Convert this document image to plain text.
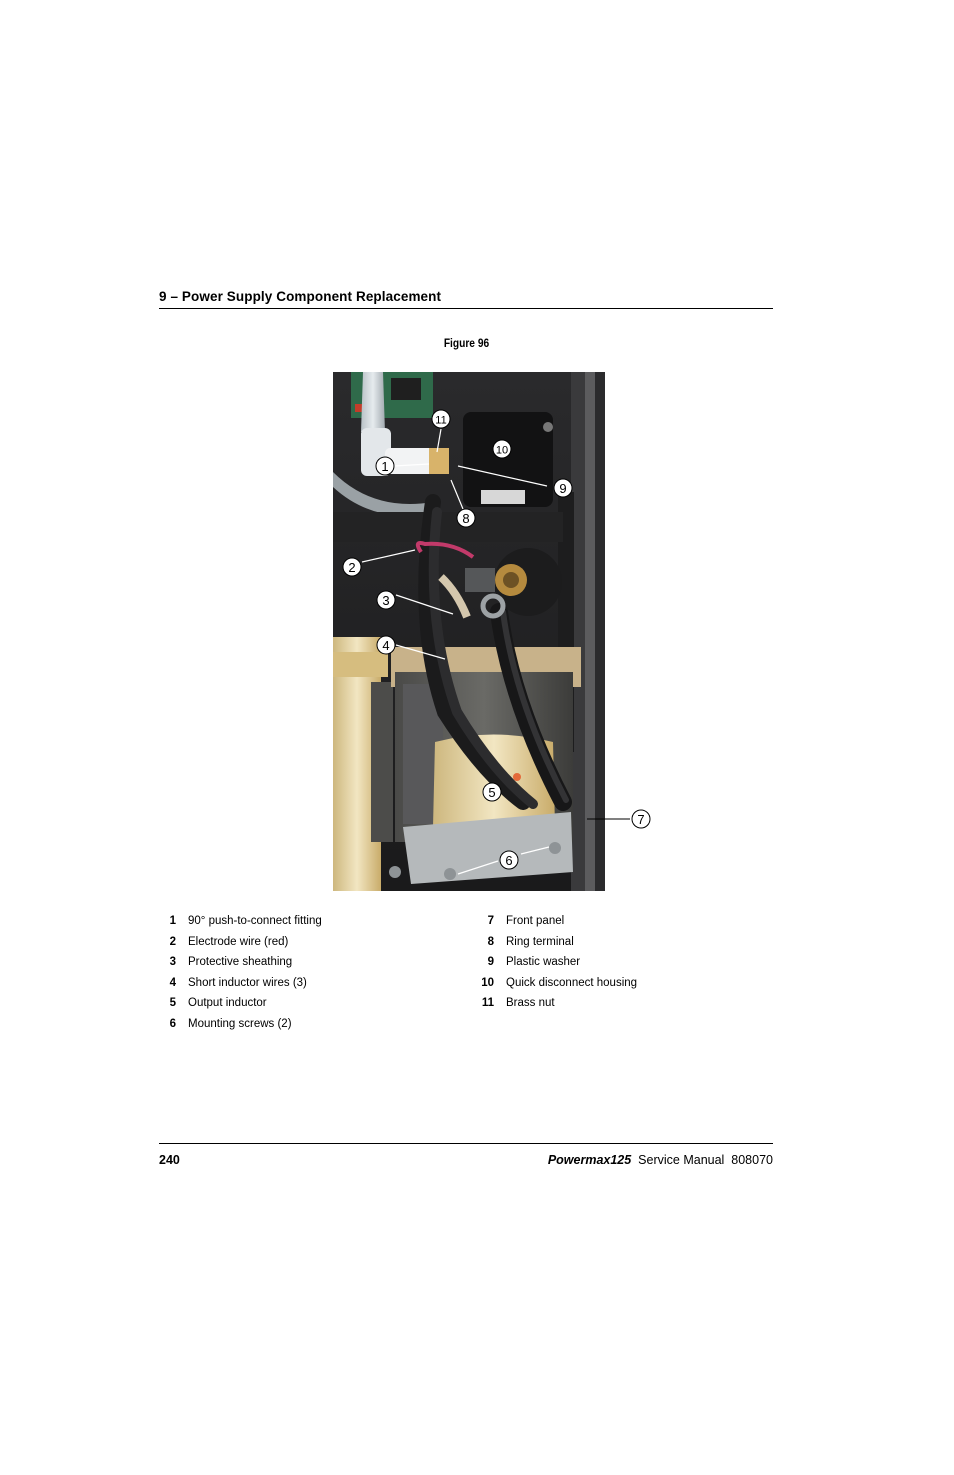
9 – Power Supply Component Replacement
Figure 96
1
2
3
4
5
6
7
8
9
10
11
1 90° push-to-connect fitting
2 Electrode wire (red)
3 Protective sheathing
4 Short inductor wires (3)
5 Output inductor
6 Mounting screws (2)
7 Front panel
8 Ring terminal
9 Plastic washer
10 Quick disconnect housing
11 Brass nut
240	Powermax125 Service Manual 808070
